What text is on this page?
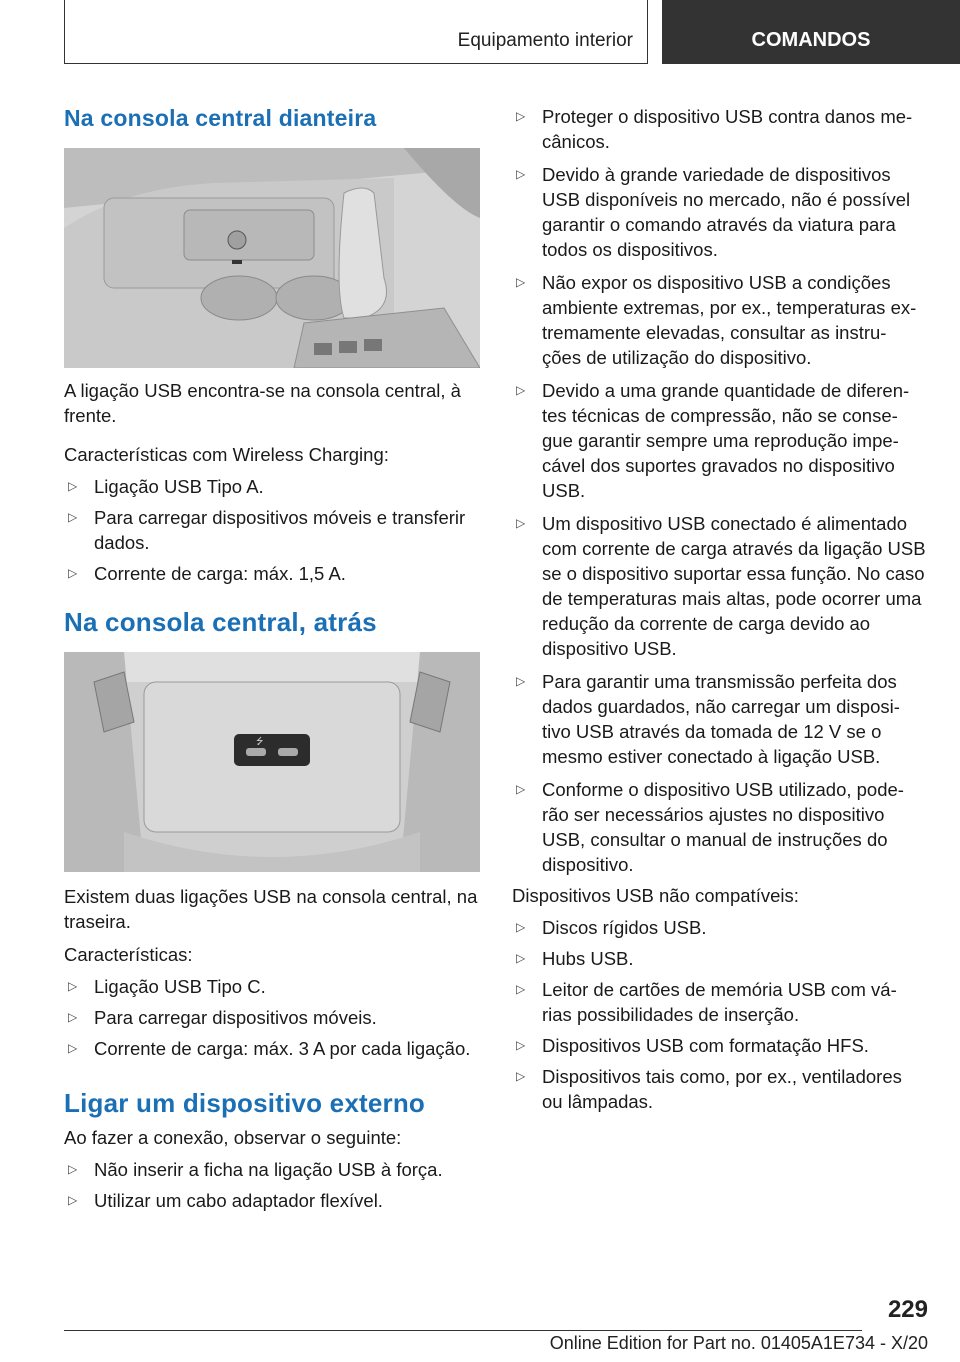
Equipamento interior	COMANDOS
Na consola central dianteira

A ligação USB encontra-se na consola central, à frente.

Características com Wireless Charging:

▷ Ligação USB Tipo A.
▷ Para carregar dispositivos móveis e transferir dados.
▷ Corrente de carga: máx. 1,5 A.
Na consola central, atrás
⭍

Existem duas ligações USB na consola central, na traseira.

Características:

▷ Ligação USB Tipo C.
▷ Para carregar dispositivos móveis.
▷ Corrente de carga: máx. 3 A por cada ligação.
Ligar um dispositivo externo

Ao fazer a conexão, observar o seguinte:

▷ Não inserir a ficha na ligação USB à força.
▷ Utilizar um cabo adaptador flexível.
▷ Proteger o dispositivo USB contra danos me‐ cânicos.
▷ Devido à grande variedade de dispositivos USB disponíveis no mercado, não é possível garantir o comando através da viatura para todos os dispositivos.
▷ Não expor os dispositivo USB a condições ambiente extremas, por ex., temperaturas ex‐ tremamente elevadas, consultar as instru‐ ções de utilização do dispositivo.
▷ Devido a uma grande quantidade de diferen‐ tes técnicas de compressão, não se conse‐ gue garantir sempre uma reprodução impe‐ cável dos suportes gravados no dispositivo USB.
▷ Um dispositivo USB conectado é alimentado com corrente de carga através da ligação USB se o dispositivo suportar essa função. No caso de temperaturas mais altas, pode ocorrer uma redução da corrente de carga devido ao dispositivo USB.
▷ Para garantir uma transmissão perfeita dos dados guardados, não carregar um disposi‐ tivo USB através da tomada de 12 V se o mesmo estiver conectado à ligação USB.
▷ Conforme o dispositivo USB utilizado, pode‐ rão ser necessários ajustes no dispositivo USB, consultar o manual de instruções do dispositivo.

Dispositivos USB não compatíveis:

▷ Discos rígidos USB.
▷ Hubs USB.
▷ Leitor de cartões de memória USB com vá‐ rias possibilidades de inserção.
▷ Dispositivos USB com formatação HFS.
▷ Dispositivos tais como, por ex., ventiladores ou lâmpadas.
229
Online Edition for Part no. 01405A1E734 - X/20
